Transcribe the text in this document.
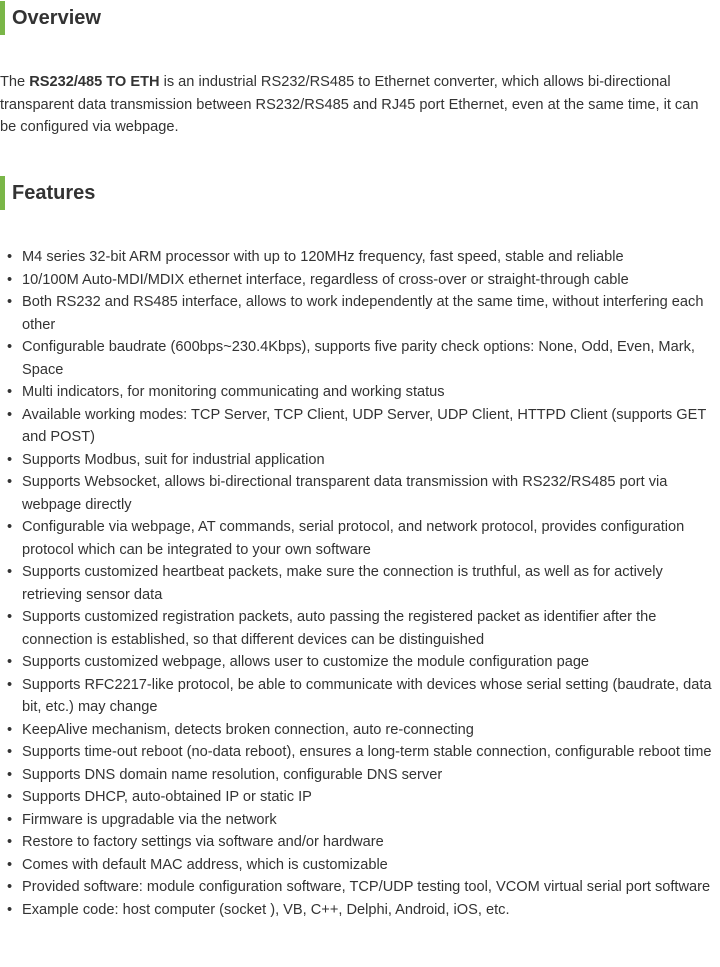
Overview

The RS232/485 TO ETH is an industrial RS232/RS485 to Ethernet converter, which allows bi-directional transparent data transmission between RS232/RS485 and RJ45 port Ethernet, even at the same time, it can be configured via webpage.

Features
• M4 series 32-bit ARM processor with up to 120MHz frequency, fast speed, stable and reliable
• 10/100M Auto-MDI/MDIX ethernet interface, regardless of cross-over or straight-through cable
• Both RS232 and RS485 interface, allows to work independently at the same time, without interfering each other
• Configurable baudrate (600bps~230.4Kbps), supports five parity check options: None, Odd, Even, Mark, Space
• Multi indicators, for monitoring communicating and working status
• Available working modes: TCP Server, TCP Client, UDP Server, UDP Client, HTTPD Client (supports GET and POST)
• Supports Modbus, suit for industrial application
• Supports Websocket, allows bi-directional transparent data transmission with RS232/RS485 port via webpage directly
• Configurable via webpage, AT commands, serial protocol, and network protocol, provides configuration protocol which can be integrated to your own software
• Supports customized heartbeat packets, make sure the connection is truthful, as well as for actively retrieving sensor data
• Supports customized registration packets, auto passing the registered packet as identifier after the connection is established, so that different devices can be distinguished
• Supports customized webpage, allows user to customize the module configuration page
• Supports RFC2217-like protocol, be able to communicate with devices whose serial setting (baudrate, data bit, etc.) may change
• KeepAlive mechanism, detects broken connection, auto re-connecting
• Supports time-out reboot (no-data reboot), ensures a long-term stable connection, configurable reboot time
• Supports DNS domain name resolution, configurable DNS server
• Supports DHCP, auto-obtained IP or static IP
• Firmware is upgradable via the network
• Restore to factory settings via software and/or hardware
• Comes with default MAC address, which is customizable
• Provided software: module configuration software, TCP/UDP testing tool, VCOM virtual serial port software
• Example code: host computer (socket ), VB, C++, Delphi, Android, iOS, etc.
